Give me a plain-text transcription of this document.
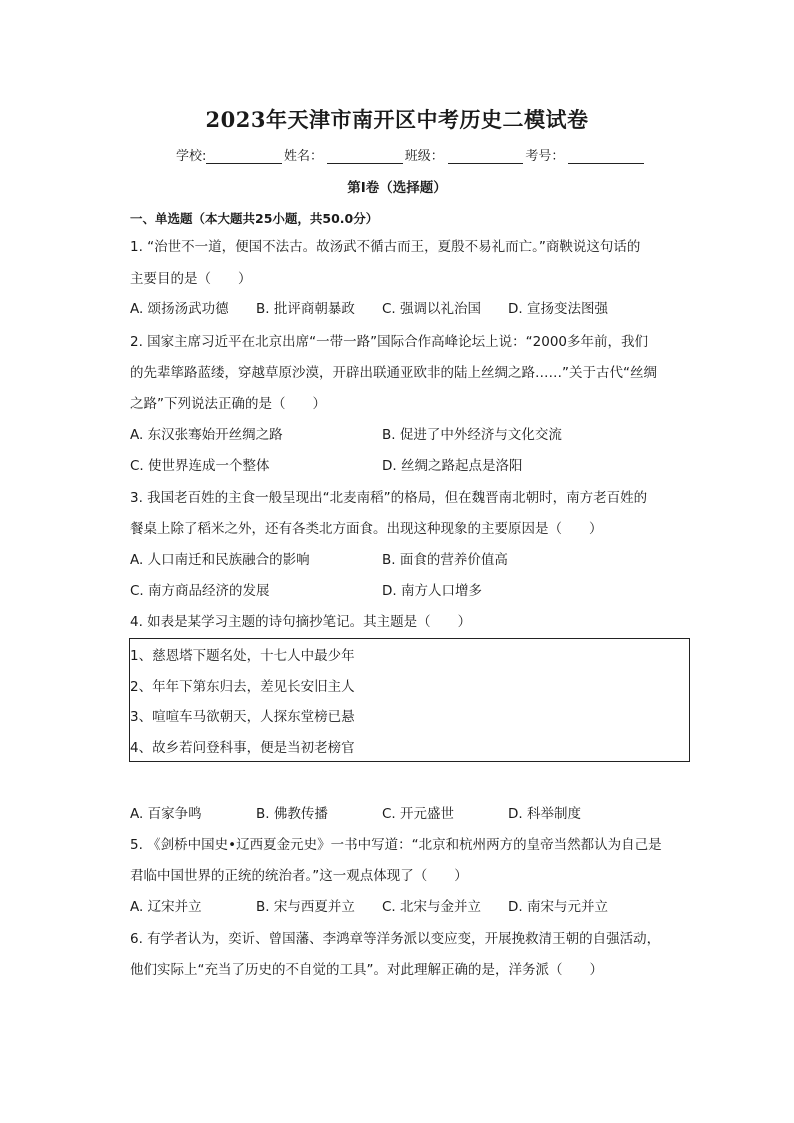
2023年天津市南开区中考历史二模试卷
学校:	姓名：	班级：	考号：
第I卷（选择题）
一、单选题（本大题共25小题，共50.0分）
1. “治世不一道，便国不法古。故汤武不循古而王，夏殷不易礼而亡。”商鞅说这句话的
主要目的是（　　）
A. 颂扬汤武功德 B. 批评商朝暴政 C. 强调以礼治国 D. 宣扬变法图强
2. 国家主席习近平在北京出席“一带一路”国际合作高峰论坛上说：“2000多年前，我们
的先辈筚路蓝缕，穿越草原沙漠，开辟出联通亚欧非的陆上丝绸之路……”关于古代“丝绸
之路”下列说法正确的是（　　）
A. 东汉张骞始开丝绸之路	B. 促进了中外经济与文化交流
C. 使世界连成一个整体	D. 丝绸之路起点是洛阳
3. 我国老百姓的主食一般呈现出“北麦南稻”的格局，但在魏晋南北朝时，南方老百姓的
餐桌上除了稻米之外，还有各类北方面食。出现这种现象的主要原因是（　　）
A. 人口南迁和民族融合的影响	B. 面食的营养价值高
C. 南方商品经济的发展	D. 南方人口增多
4. 如表是某学习主题的诗句摘抄笔记。其主题是（　　）
1、慈恩塔下题名处，十七人中最少年
2、年年下第东归去，差见长安旧主人
3、喧喧车马欲朝天，人探东堂榜已悬
4、故乡若问登科事，便是当初老榜官
A. 百家争鸣	B. 佛教传播	C. 开元盛世	D. 科举制度
5. 《剑桥中国史•辽西夏金元史》一书中写道：“北京和杭州两方的皇帝当然都认为自己是
君临中国世界的正统的统治者。”这一观点体现了（　　）
A. 辽宋并立	B. 宋与西夏并立 C. 北宋与金并立 D. 南宋与元并立
6. 有学者认为，奕䜣、曾国藩、李鸿章等洋务派以变应变，开展挽救清王朝的自强活动，
他们实际上“充当了历史的不自觉的工具”。对此理解正确的是，洋务派（　　）
